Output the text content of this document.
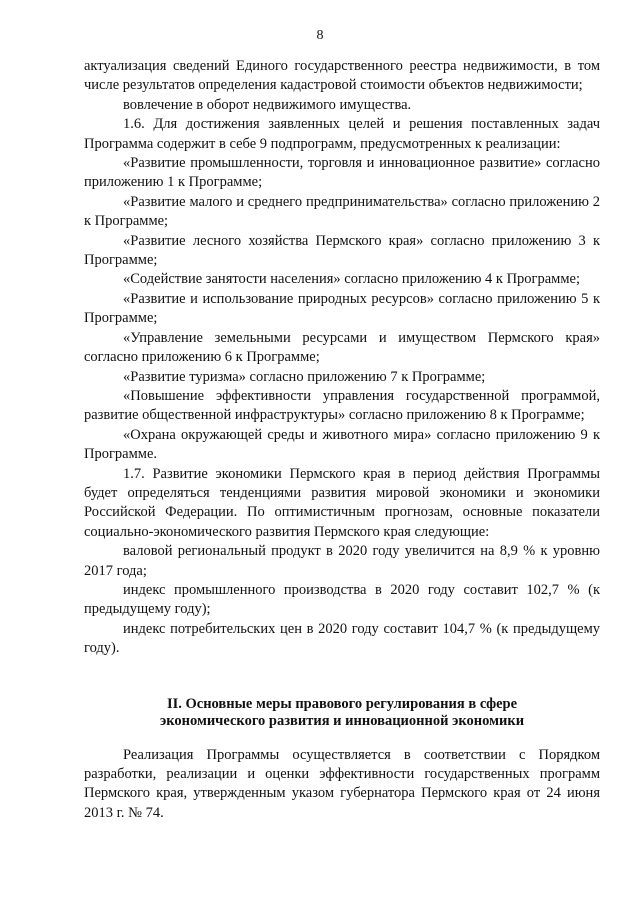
8

актуализация сведений Единого государственного реестра недвижимости, в том числе результатов определения кадастровой стоимости объектов недвижимости;

вовлечение в оборот недвижимого имущества.

1.6. Для достижения заявленных целей и решения поставленных задач Программа содержит в себе 9 подпрограмм, предусмотренных к реализации:

«Развитие промышленности, торговля и инновационное развитие» согласно приложению 1 к Программе;

«Развитие малого и среднего предпринимательства» согласно приложению 2 к Программе;

«Развитие лесного хозяйства Пермского края» согласно приложению 3 к Программе;

«Содействие занятости населения» согласно приложению 4 к Программе;

«Развитие и использование природных ресурсов» согласно приложению 5 к Программе;

«Управление земельными ресурсами и имуществом Пермского края» согласно приложению 6 к Программе;

«Развитие туризма» согласно приложению 7 к Программе;

«Повышение эффективности управления государственной программой, развитие общественной инфраструктуры» согласно приложению 8 к Программе;

«Охрана окружающей среды и животного мира» согласно приложению 9 к Программе.

1.7. Развитие экономики Пермского края в период действия Программы будет определяться тенденциями развития мировой экономики и экономики Российской Федерации. По оптимистичным прогнозам, основные показатели социально-экономического развития Пермского края следующие:

валовой региональный продукт в 2020 году увеличится на 8,9 % к уровню 2017 года;

индекс промышленного производства в 2020 году составит 102,7 % (к предыдущему году);

индекс потребительских цен в 2020 году составит 104,7 % (к предыдущему году).

II. Основные меры правового регулирования в сфере
экономического развития и инновационной экономики

Реализация Программы осуществляется в соответствии с Порядком разработки, реализации и оценки эффективности государственных программ Пермского края, утвержденным указом губернатора Пермского края от 24 июня 2013 г. № 74.
